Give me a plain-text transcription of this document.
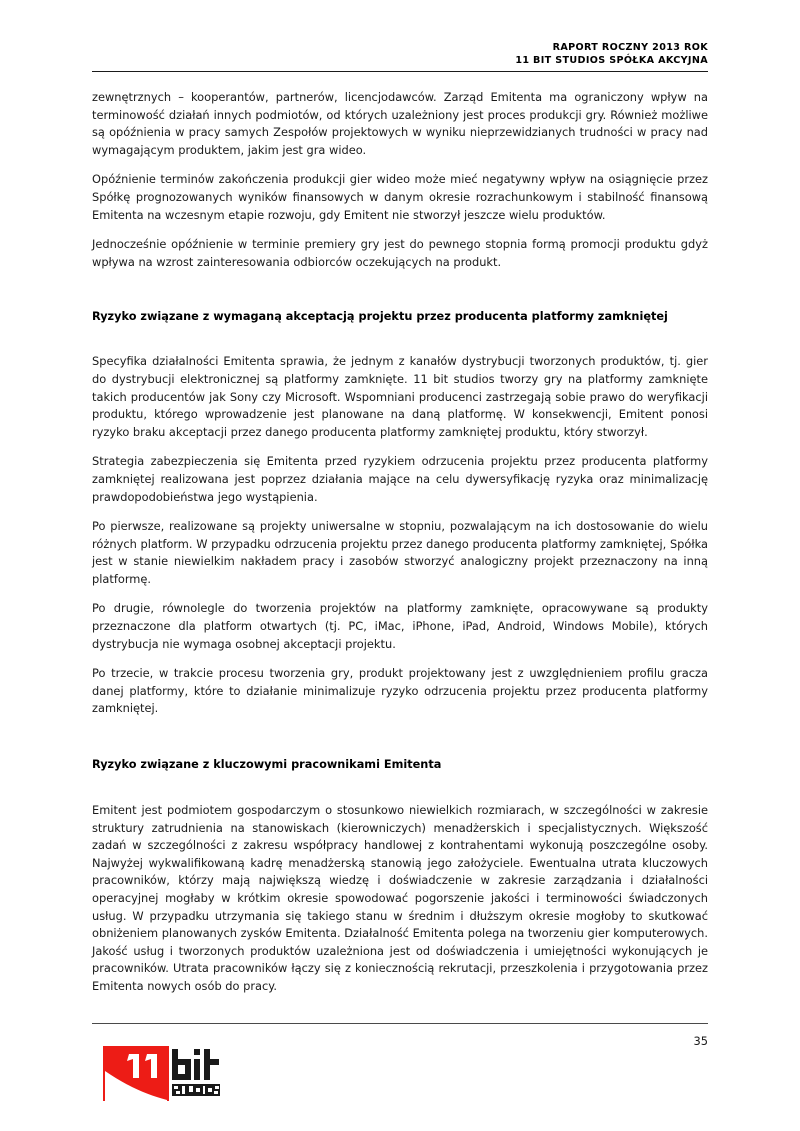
RAPORT ROCZNY 2013 ROK
11 BIT STUDIOS SPÓŁKA AKCYJNA

zewnętrznych – kooperantów, partnerów, licencjodawców. Zarząd Emitenta ma ograniczony wpływ na terminowość działań innych podmiotów, od których uzależniony jest proces produkcji gry. Również możliwe są opóźnienia w pracy samych Zespołów projektowych w wyniku nieprzewidzianych trudności w pracy nad wymagającym produktem, jakim jest gra wideo.

Opóźnienie terminów zakończenia produkcji gier wideo może mieć negatywny wpływ na osiągnięcie przez Spółkę prognozowanych wyników finansowych w danym okresie rozrachunkowym i stabilność finansową Emitenta na wczesnym etapie rozwoju, gdy Emitent nie stworzył jeszcze wielu produktów.

Jednocześnie opóźnienie w terminie premiery gry jest do pewnego stopnia formą promocji produktu gdyż wpływa na wzrost zainteresowania odbiorców oczekujących na produkt.

Ryzyko związane z wymaganą akceptacją projektu przez producenta platformy zamkniętej

Specyfika działalności Emitenta sprawia, że jednym z kanałów dystrybucji tworzonych produktów, tj. gier do dystrybucji elektronicznej są platformy zamknięte. 11 bit studios tworzy gry na platformy zamknięte takich producentów jak Sony czy Microsoft. Wspomniani producenci zastrzegają sobie prawo do weryfikacji produktu, którego wprowadzenie jest planowane na daną platformę. W konsekwencji, Emitent ponosi ryzyko braku akceptacji przez danego producenta platformy zamkniętej produktu, który stworzył.

Strategia zabezpieczenia się Emitenta przed ryzykiem odrzucenia projektu przez producenta platformy zamkniętej realizowana jest poprzez działania mające na celu dywersyfikację ryzyka oraz minimalizację prawdopodobieństwa jego wystąpienia.

Po pierwsze, realizowane są projekty uniwersalne w stopniu, pozwalającym na ich dostosowanie do wielu różnych platform. W przypadku odrzucenia projektu przez danego producenta platformy zamkniętej, Spółka jest w stanie niewielkim nakładem pracy i zasobów stworzyć analogiczny projekt przeznaczony na inną platformę.

Po drugie, równolegle do tworzenia projektów na platformy zamknięte, opracowywane są produkty przeznaczone dla platform otwartych (tj. PC, iMac, iPhone, iPad, Android, Windows Mobile), których dystrybucja nie wymaga osobnej akceptacji projektu.

Po trzecie, w trakcie procesu tworzenia gry, produkt projektowany jest z uwzględnieniem profilu gracza danej platformy, które to działanie minimalizuje ryzyko odrzucenia projektu przez producenta platformy zamkniętej.

Ryzyko związane z kluczowymi pracownikami Emitenta

Emitent jest podmiotem gospodarczym o stosunkowo niewielkich rozmiarach, w szczególności w zakresie struktury zatrudnienia na stanowiskach (kierowniczych) menadżerskich i specjalistycznych. Większość zadań w szczególności z zakresu współpracy handlowej z kontrahentami wykonują poszczególne osoby. Najwyżej wykwalifikowaną kadrę menadżerską stanowią jego założyciele. Ewentualna utrata kluczowych pracowników, którzy mają największą wiedzę i doświadczenie w zakresie zarządzania i działalności operacyjnej mogłaby w krótkim okresie spowodować pogorszenie jakości i terminowości świadczonych usług. W przypadku utrzymania się takiego stanu w średnim i dłuższym okresie mogłoby to skutkować obniżeniem planowanych zysków Emitenta. Działalność Emitenta polega na tworzeniu gier komputerowych. Jakość usług i tworzonych produktów uzależniona jest od doświadczenia i umiejętności wykonujących je pracowników. Utrata pracowników łączy się z koniecznością rekrutacji, przeszkolenia i przygotowania przez Emitenta nowych osób do pracy.

35
